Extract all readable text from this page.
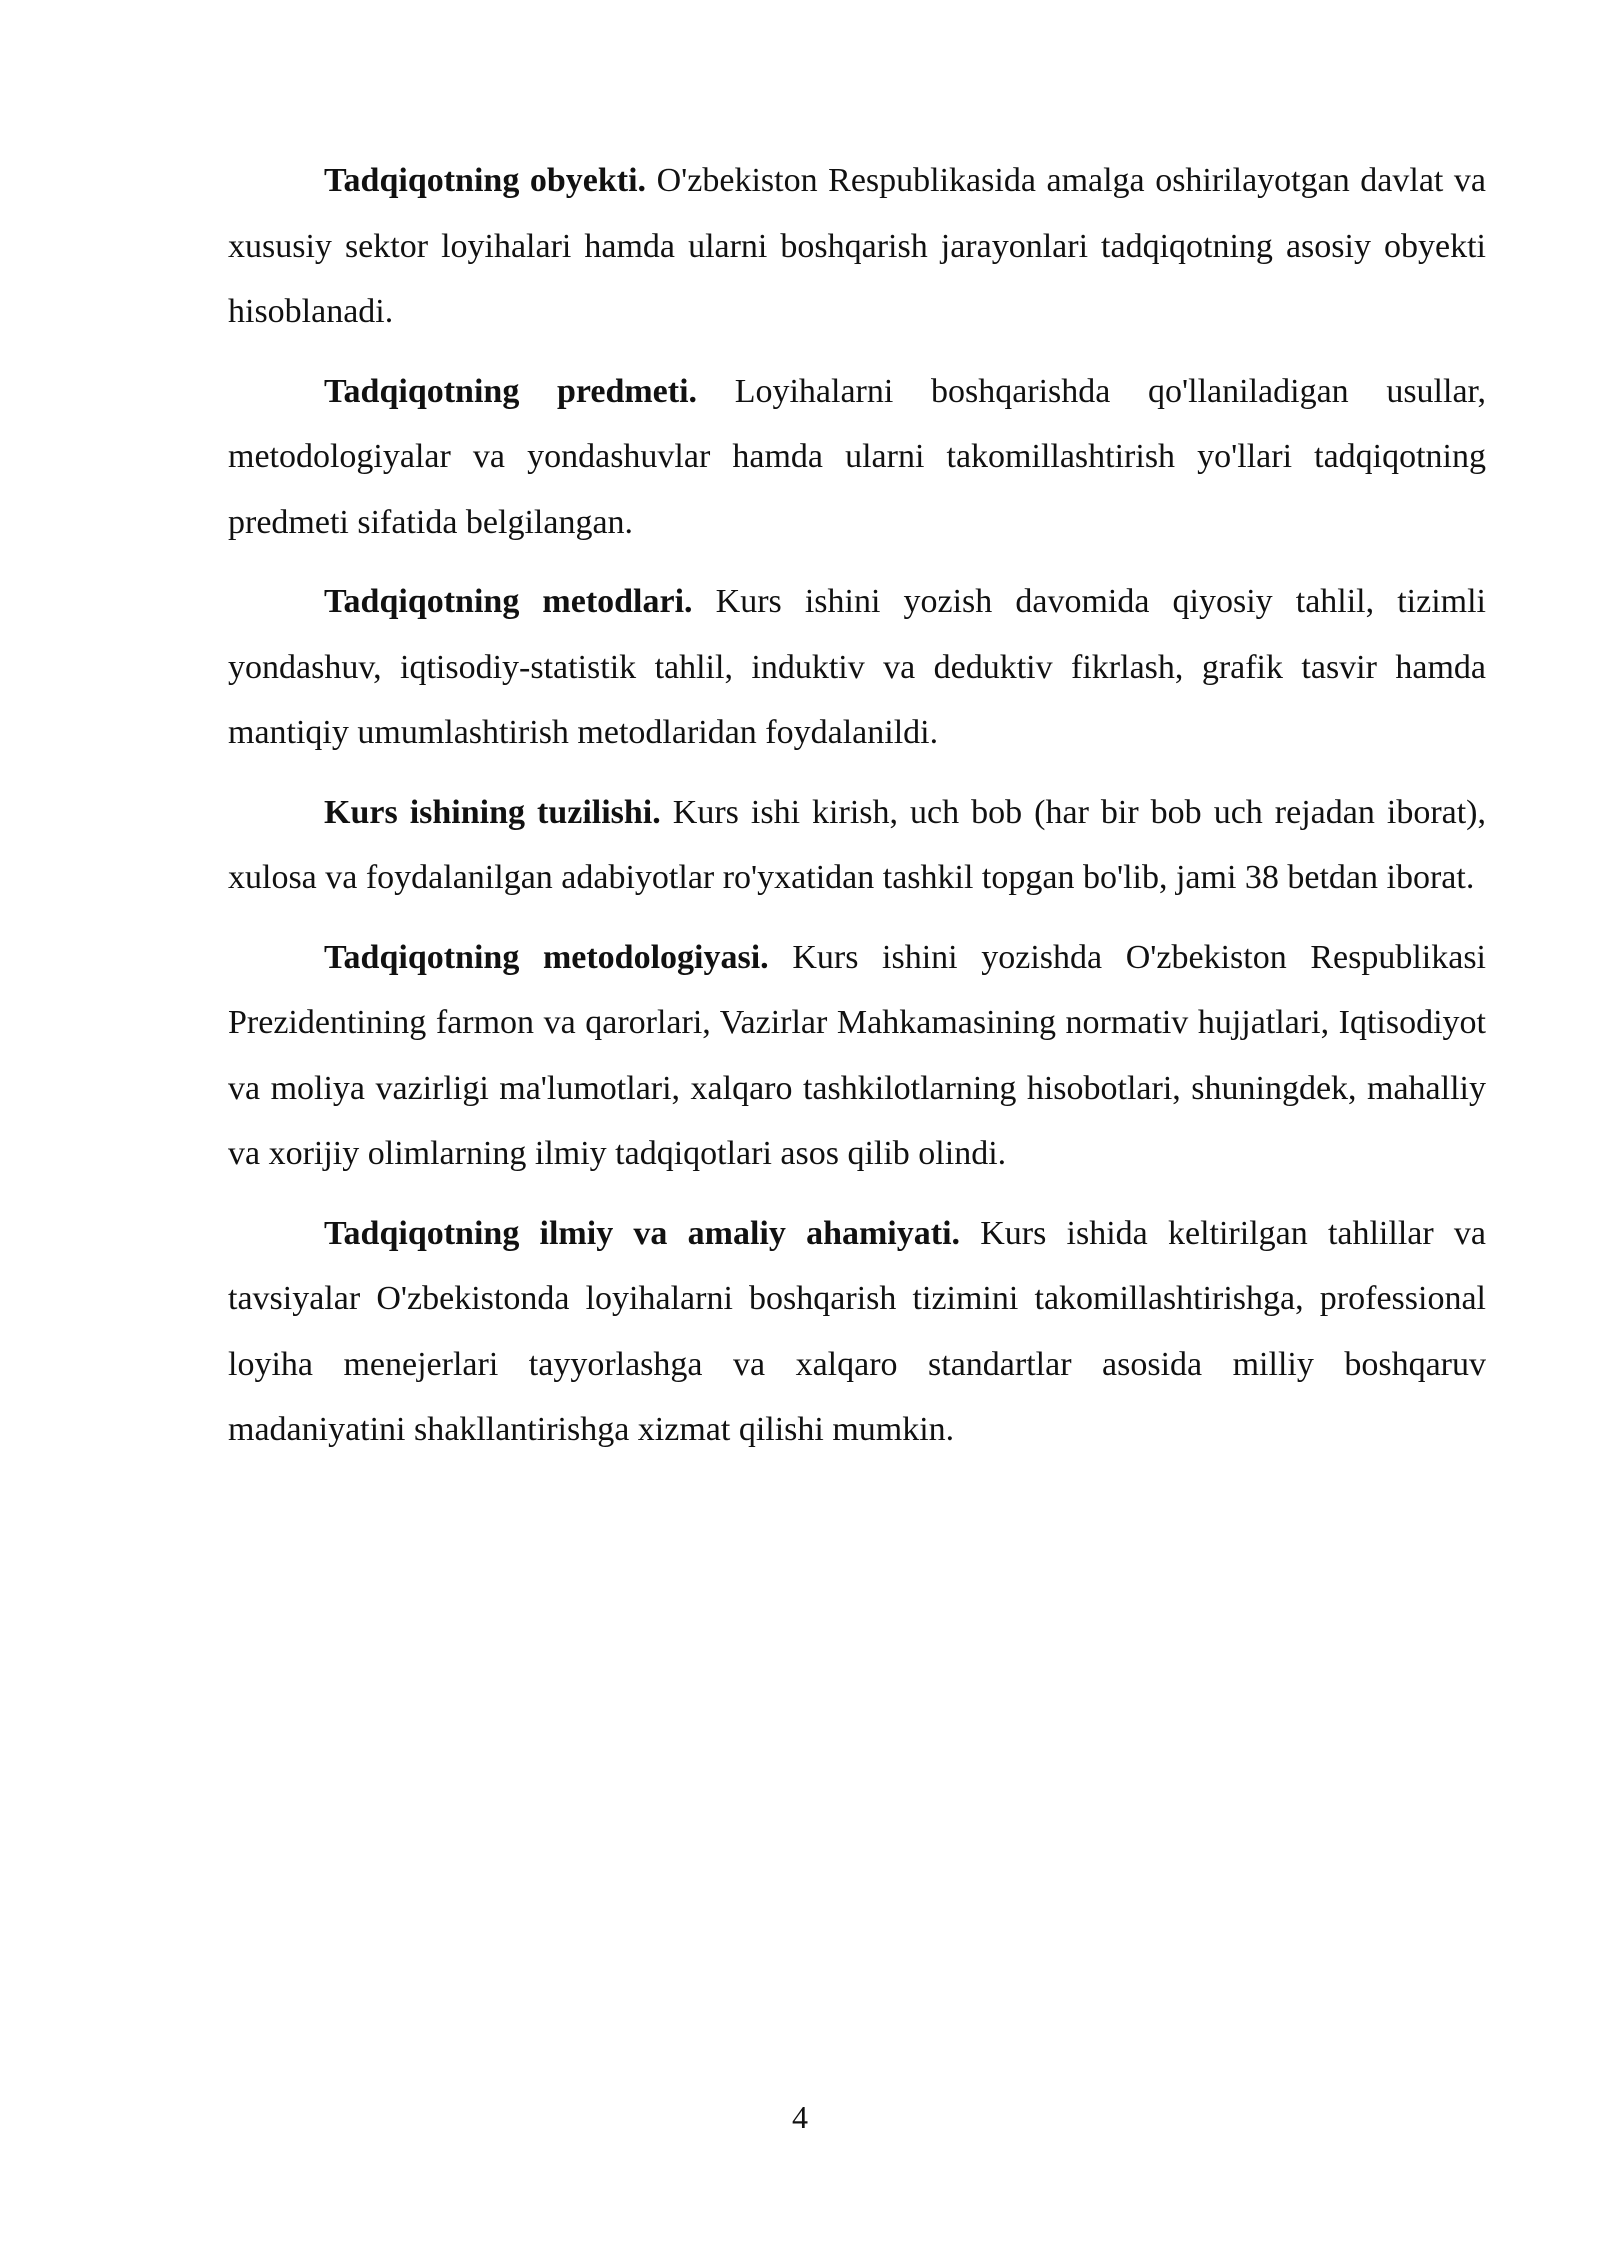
Tadqiqotning obyekti. O'zbekiston Respublikasida amalga oshirilayotgan davlat va xususiy sektor loyihalari hamda ularni boshqarish jarayonlari tadqiqotning asosiy obyekti hisoblanadi.

Tadqiqotning predmeti. Loyihalarni boshqarishda qo'llaniladigan usullar, metodologiyalar va yondashuvlar hamda ularni takomillashtirish yo'llari tadqiqotning predmeti sifatida belgilangan.

Tadqiqotning metodlari. Kurs ishini yozish davomida qiyosiy tahlil, tizimli yondashuv, iqtisodiy-statistik tahlil, induktiv va deduktiv fikrlash, grafik tasvir hamda mantiqiy umumlashtirish metodlaridan foydalanildi.

Kurs ishining tuzilishi. Kurs ishi kirish, uch bob (har bir bob uch rejadan iborat), xulosa va foydalanilgan adabiyotlar ro'yxatidan tashkil topgan bo'lib, jami 38 betdan iborat.

Tadqiqotning metodologiyasi. Kurs ishini yozishda O'zbekiston Respublikasi Prezidentining farmon va qarorlari, Vazirlar Mahkamasining normativ hujjatlari, Iqtisodiyot va moliya vazirligi ma'lumotlari, xalqaro tashkilotlarning hisobotlari, shuningdek, mahalliy va xorijiy olimlarning ilmiy tadqiqotlari asos qilib olindi.

Tadqiqotning ilmiy va amaliy ahamiyati. Kurs ishida keltirilgan tahlillar va tavsiyalar O'zbekistonda loyihalarni boshqarish tizimini takomillashtirishga, professional loyiha menejerlari tayyorlashga va xalqaro standartlar asosida milliy boshqaruv madaniyatini shakllantirishga xizmat qilishi mumkin.

4
